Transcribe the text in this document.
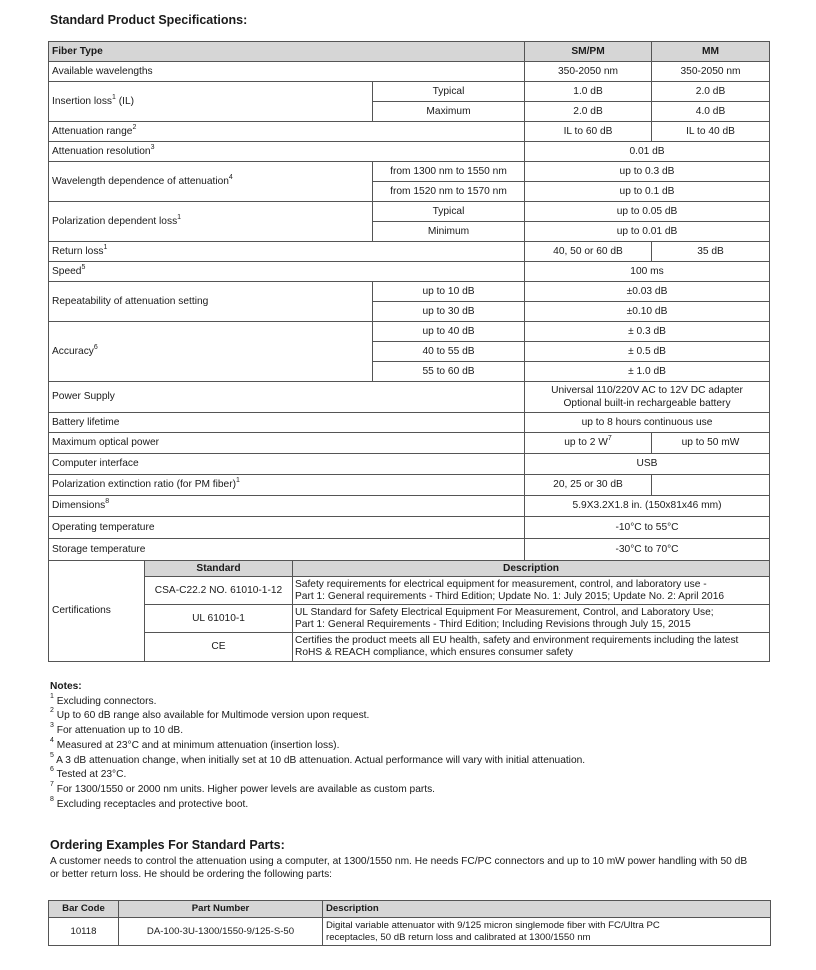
Standard Product Specifications:
Fiber Type				SM/PM	MM
Available wavelengths				350-2050 nm	350-2050 nm
Insertion loss$^1$ (IL)			Typical	1.0 dB	2.0 dB
			Maximum	2.0 dB	4.0 dB
Attenuation range$^2$				IL to 60 dB	IL to 40 dB
Attenuation resolution$^3$				0.01 dB	
Wavelength dependence of attenuation$^4$			from 1300 nm to 1550 nm	up to 0.3 dB	
			from 1520 nm to 1570 nm	up to 0.1 dB	
Polarization dependent loss$^1$			Typical	up to 0.05 dB	
			Minimum	up to 0.01 dB	
Return loss$^1$				40, 50 or 60 dB	35 dB
Speed$^5$				100 ms	
Repeatability of attenuation setting			up to 10 dB	±0.03 dB	
			up to 30 dB	±0.10 dB	
Accuracy$^6$			up to 40 dB	± 0.3 dB	
			40 to 55 dB	± 0.5 dB	
			55 to 60 dB	± 1.0 dB	
Power Supply				Universal 110/220V AC to 12V DC adapter
Optional built-in rechargeable battery	

Battery lifetime				up to 8 hours continuous use	
Maximum optical power				up to 2 $W^7$	up to 50 mW
Computer interface				USB	
Polarization extinction ratio (for PM fiber)$^1$				20, 25 or 30 dB	
Dimensions$^8$				5.9X3.2X1.8 in. (150x81x46 mm)	
Operating temperature				-10°C to 55°C	
Storage temperature				-30°C to 70°C	
Certifications	Standard	Description			
	CSA-C22.2 NO. 61010-1-12	Safety requirements for electrical equipment for measurement, control, and laboratory use -
Part 1: General requirements - Third Edition; Update No. 1: July 2015; Update No. 2: April 2016			

	UL 61010-1	UL Standard for Safety Electrical Equipment For Measurement, Control, and Laboratory Use;
Part 1: General Requirements - Third Edition; Including Revisions through July 15, 2015			

	CE	Certifies the product meets all EU health, safety and environment requirements including the latest
RoHS & REACH compliance, which ensures consumer safety			
Notes:
$^1$ Excluding connectors.
$^2$ Up to 60 dB range also available for Multimode version upon request.
$^3$ For attenuation up to 10 dB.
$^4$ Measured at 23°C and at minimum attenuation (insertion loss).
$^5$ A 3 dB attenuation change, when initially set at 10 dB attenuation. Actual performance will vary with initial attenuation.
$^6$ Tested at 23°C.
$^7$ For 1300/1550 or 2000 nm units. Higher power levels are available as custom parts.
$^8$ Excluding receptacles and protective boot.
Ordering Examples For Standard Parts:
A customer needs to control the attenuation using a computer, at 1300/1550 nm. He needs FC/PC connectors and up to 10 mW power handling with 50 dB or better return loss. He should be ordering the following parts:
Bar Code	Part Number	Description
10118	DA-100-3U-1300/1550-9/125-S-50	Digital variable attenuator with 9/125 micron singlemode fiber with FC/Ultra PC
receptacles, 50 dB return loss and calibrated at 1300/1550 nm
